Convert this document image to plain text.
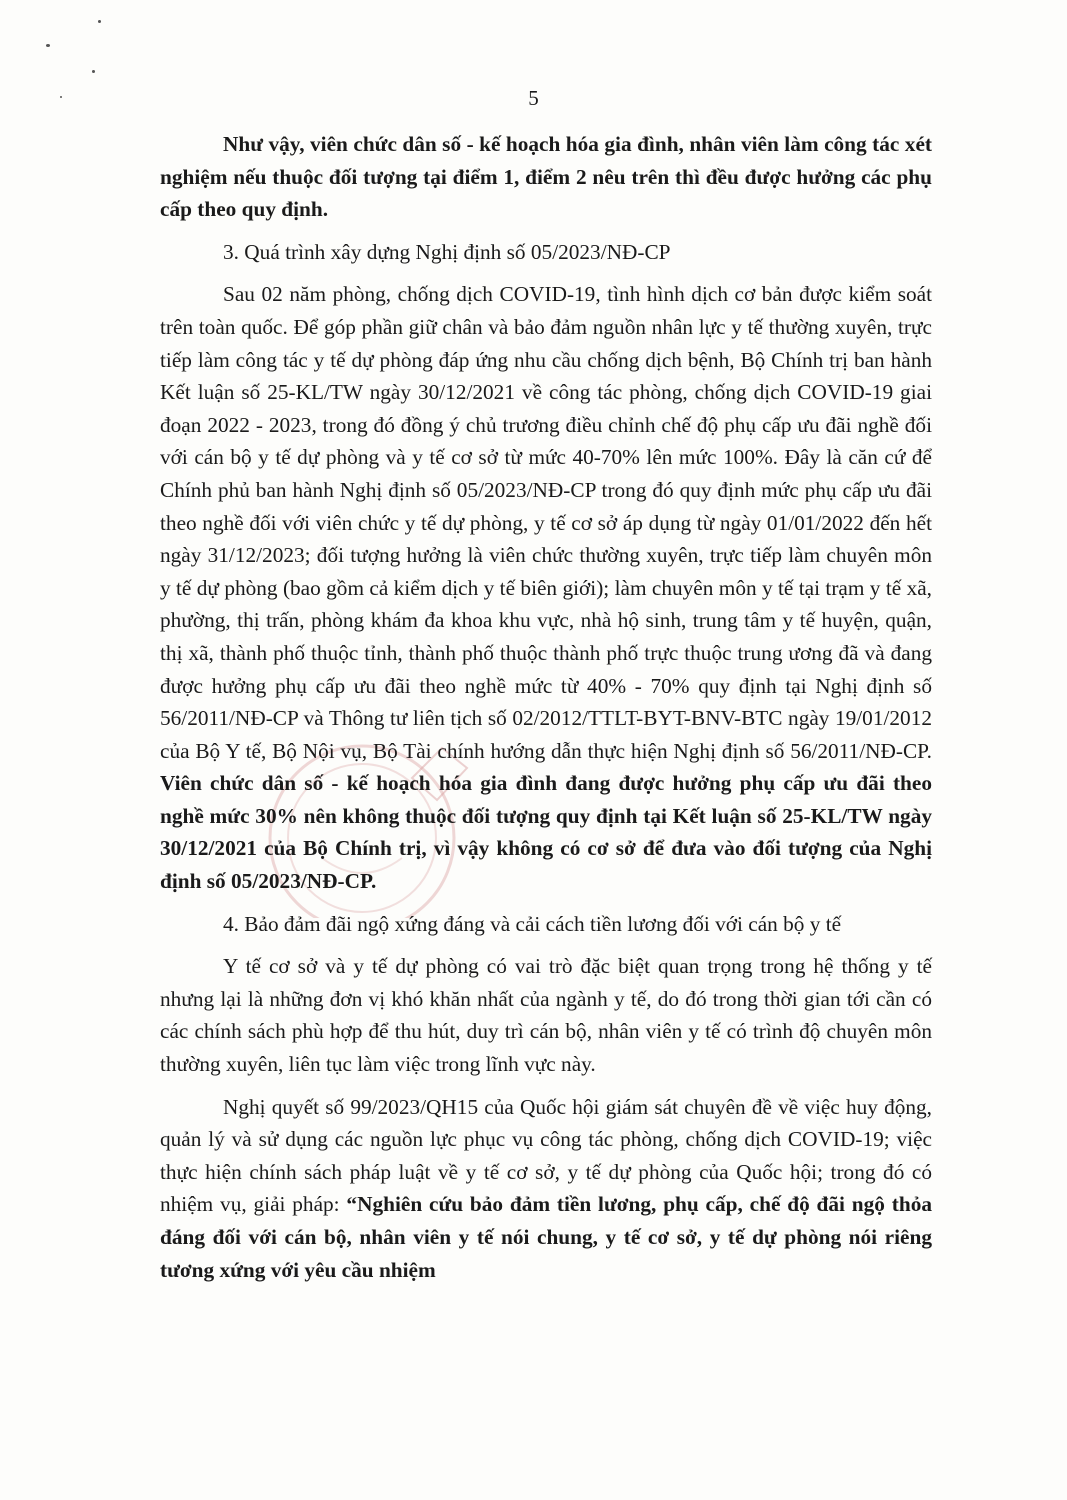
5

Như vậy, viên chức dân số - kế hoạch hóa gia đình, nhân viên làm công tác xét nghiệm nếu thuộc đối tượng tại điểm 1, điểm 2 nêu trên thì đều được hưởng các phụ cấp theo quy định.

3. Quá trình xây dựng Nghị định số 05/2023/NĐ-CP

Sau 02 năm phòng, chống dịch COVID-19, tình hình dịch cơ bản được kiểm soát trên toàn quốc. Để góp phần giữ chân và bảo đảm nguồn nhân lực y tế thường xuyên, trực tiếp làm công tác y tế dự phòng đáp ứng nhu cầu chống dịch bệnh, Bộ Chính trị ban hành Kết luận số 25-KL/TW ngày 30/12/2021 về công tác phòng, chống dịch COVID-19 giai đoạn 2022 - 2023, trong đó đồng ý chủ trương điều chỉnh chế độ phụ cấp ưu đãi nghề đối với cán bộ y tế dự phòng và y tế cơ sở từ mức 40-70% lên mức 100%. Đây là căn cứ để Chính phủ ban hành Nghị định số 05/2023/NĐ-CP trong đó quy định mức phụ cấp ưu đãi theo nghề đối với viên chức y tế dự phòng, y tế cơ sở áp dụng từ ngày 01/01/2022 đến hết ngày 31/12/2023; đối tượng hưởng là viên chức thường xuyên, trực tiếp làm chuyên môn y tế dự phòng (bao gồm cả kiểm dịch y tế biên giới); làm chuyên môn y tế tại trạm y tế xã, phường, thị trấn, phòng khám đa khoa khu vực, nhà hộ sinh, trung tâm y tế huyện, quận, thị xã, thành phố thuộc tỉnh, thành phố thuộc thành phố trực thuộc trung ương đã và đang được hưởng phụ cấp ưu đãi theo nghề mức từ 40% - 70% quy định tại Nghị định số 56/2011/NĐ-CP và Thông tư liên tịch số 02/2012/TTLT-BYT-BNV-BTC ngày 19/01/2012 của Bộ Y tế, Bộ Nội vụ, Bộ Tài chính hướng dẫn thực hiện Nghị định số 56/2011/NĐ-CP. Viên chức dân số - kế hoạch hóa gia đình đang được hưởng phụ cấp ưu đãi theo nghề mức 30% nên không thuộc đối tượng quy định tại Kết luận số 25-KL/TW ngày 30/12/2021 của Bộ Chính trị, vì vậy không có cơ sở để đưa vào đối tượng của Nghị định số 05/2023/NĐ-CP.

4. Bảo đảm đãi ngộ xứng đáng và cải cách tiền lương đối với cán bộ y tế

Y tế cơ sở và y tế dự phòng có vai trò đặc biệt quan trọng trong hệ thống y tế nhưng lại là những đơn vị khó khăn nhất của ngành y tế, do đó trong thời gian tới cần có các chính sách phù hợp để thu hút, duy trì cán bộ, nhân viên y tế có trình độ chuyên môn thường xuyên, liên tục làm việc trong lĩnh vực này.

Nghị quyết số 99/2023/QH15 của Quốc hội giám sát chuyên đề về việc huy động, quản lý và sử dụng các nguồn lực phục vụ công tác phòng, chống dịch COVID-19; việc thực hiện chính sách pháp luật về y tế cơ sở, y tế dự phòng của Quốc hội; trong đó có nhiệm vụ, giải pháp: “Nghiên cứu bảo đảm tiền lương, phụ cấp, chế độ đãi ngộ thỏa đáng đối với cán bộ, nhân viên y tế nói chung, y tế cơ sở, y tế dự phòng nói riêng tương xứng với yêu cầu nhiệm
